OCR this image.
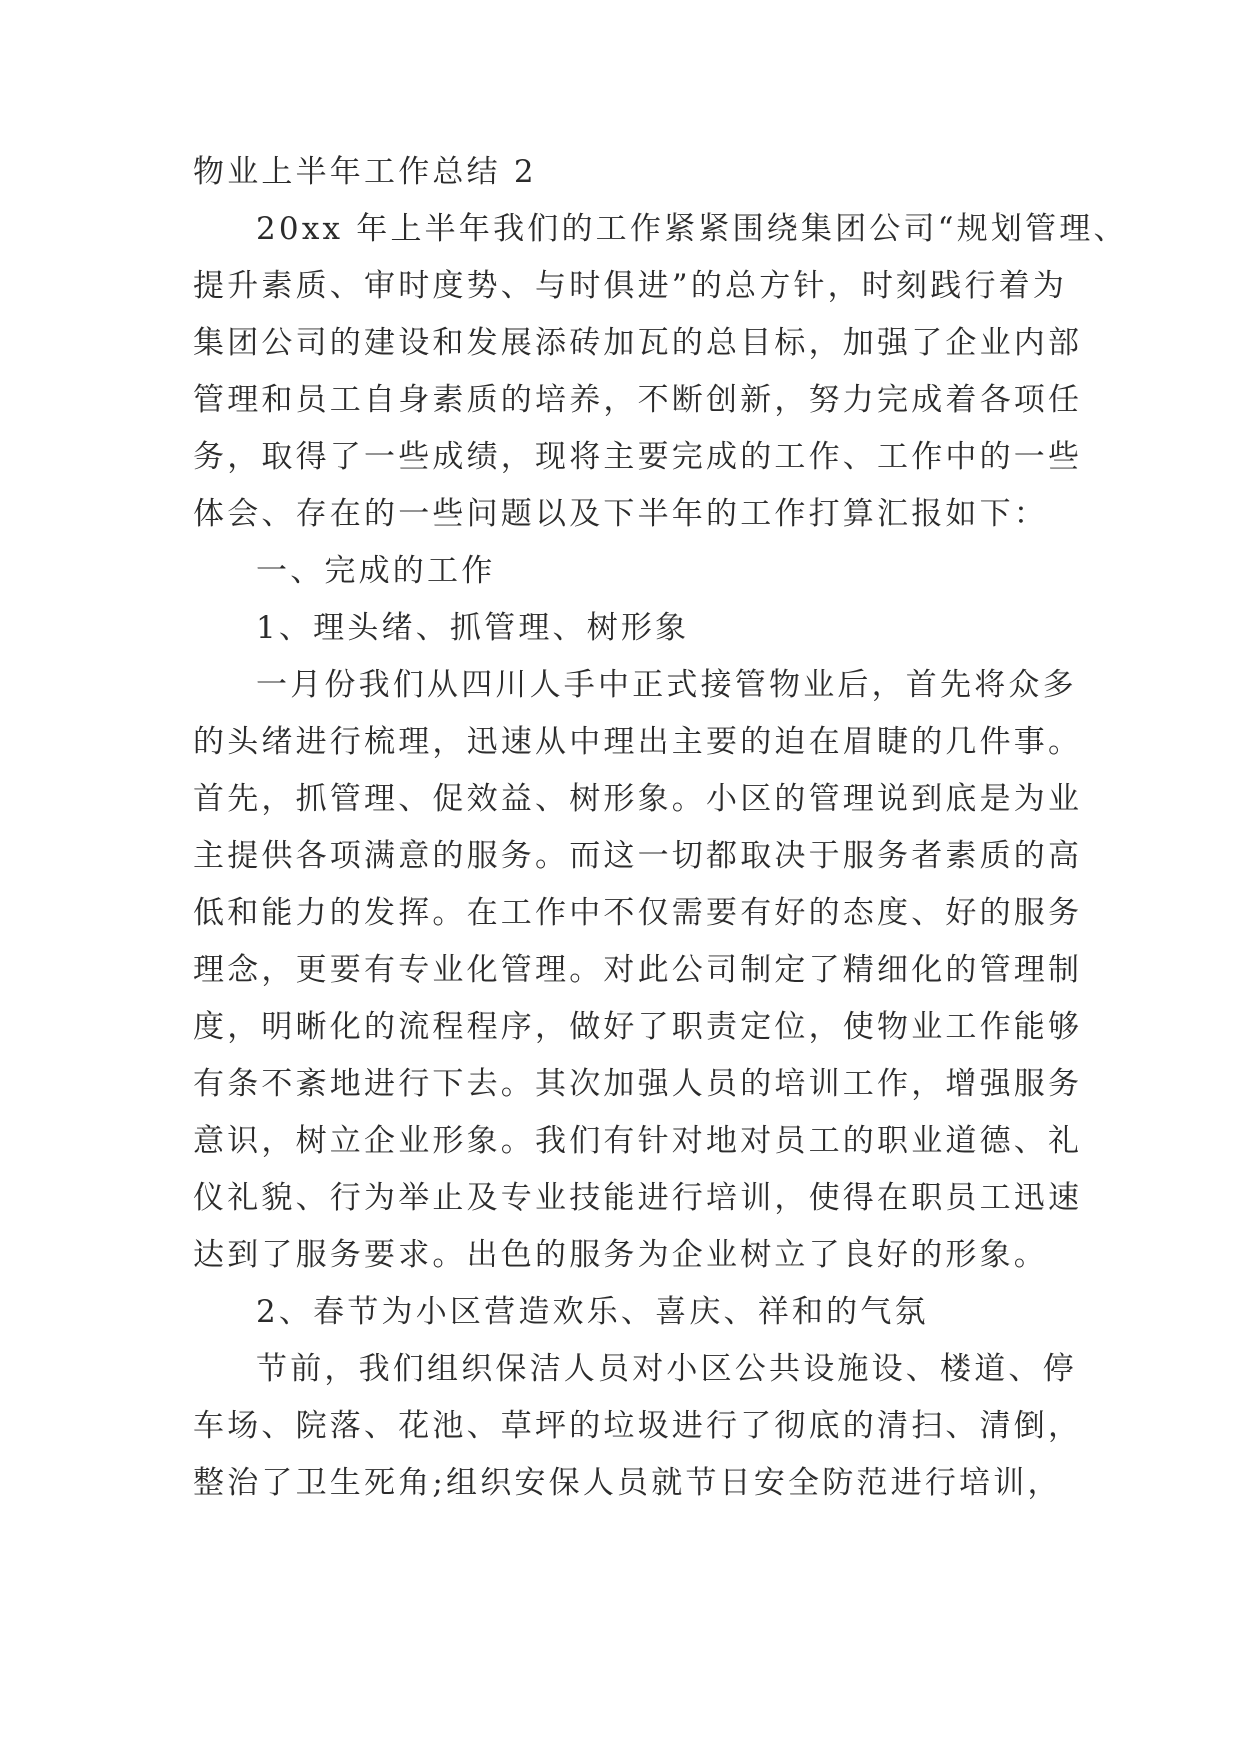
物业上半年工作总结 2
20xx 年上半年我们的工作紧紧围绕集团公司“规划管理、
提升素质、审时度势、与时俱进”的总方针，时刻践行着为
集团公司的建设和发展添砖加瓦的总目标，加强了企业内部
管理和员工自身素质的培养，不断创新，努力完成着各项任
务，取得了一些成绩，现将主要完成的工作、工作中的一些
体会、存在的一些问题以及下半年的工作打算汇报如下：
一、完成的工作
1、理头绪、抓管理、树形象
一月份我们从四川人手中正式接管物业后，首先将众多
的头绪进行梳理，迅速从中理出主要的迫在眉睫的几件事。
首先，抓管理、促效益、树形象。小区的管理说到底是为业
主提供各项满意的服务。而这一切都取决于服务者素质的高
低和能力的发挥。在工作中不仅需要有好的态度、好的服务
理念，更要有专业化管理。对此公司制定了精细化的管理制
度，明晰化的流程程序，做好了职责定位，使物业工作能够
有条不紊地进行下去。其次加强人员的培训工作，增强服务
意识，树立企业形象。我们有针对地对员工的职业道德、礼
仪礼貌、行为举止及专业技能进行培训，使得在职员工迅速
达到了服务要求。出色的服务为企业树立了良好的形象。
2、春节为小区营造欢乐、喜庆、祥和的气氛
节前，我们组织保洁人员对小区公共设施设、楼道、停
车场、院落、花池、草坪的垃圾进行了彻底的清扫、清倒，
整治了卫生死角;组织安保人员就节日安全防范进行培训，
